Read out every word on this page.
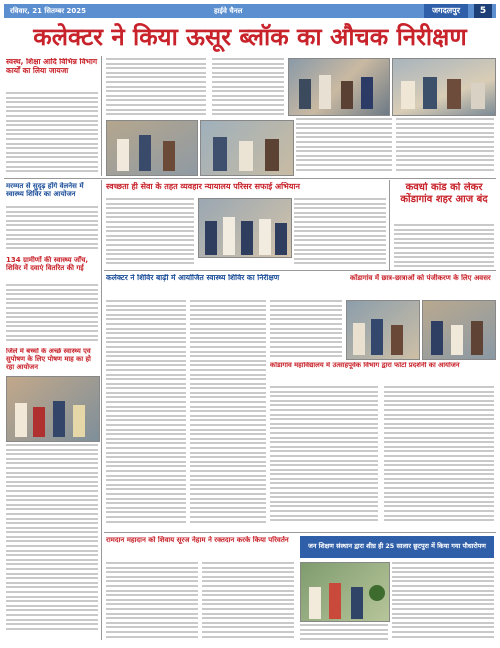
रविवार, 21 सितम्बर 2025	हाईवे चैनल	जगदलपुर	5
कलेक्टर ने किया ऊसूर ब्लॉक का औचक निरीक्षण
स्वस्थ, शिक्षा आदि विभिन्न विभाग कार्यों का लिया जायजा
मरम्मत से सुदृढ़ होंगे वेलनेस में स्वास्थ्य शिविर का आयोजन
134 ग्रामीणों की स्वास्थ्य जाँच, शिविर में दवाएं वितरित की गई
जिले में बच्चों के अच्छे स्वास्थ्य एवं सुपोषण के लिए पोषण माह का हो रहा आयोजन
स्वच्छता ही सेवा के तहत व्यवहार न्यायालय परिसर सफाई अभियान	कवर्धा कांड को लेकर कोंडागांव शहर आज बंद
कलेक्टर ने शिविर बाढ़ी में आयोजित स्वास्थ्य शिविर का निरीक्षण	कोंडागांव में छात्र-छात्राओं को पंजीकरण के लिए अवसर
कोंडागांव महाविद्यालय में उत्साहपूर्वक विभाग द्वारा फोटो प्रदर्शनी का आयोजन
रामदान महादान को शिवाय सूरज नेहाम ने रक्तदान करके किया परिवर्तन
जन शिक्षण संस्थान द्वारा शीघ्र ही 25 सालार छूटपुरा में किया गया पौधारोपण
